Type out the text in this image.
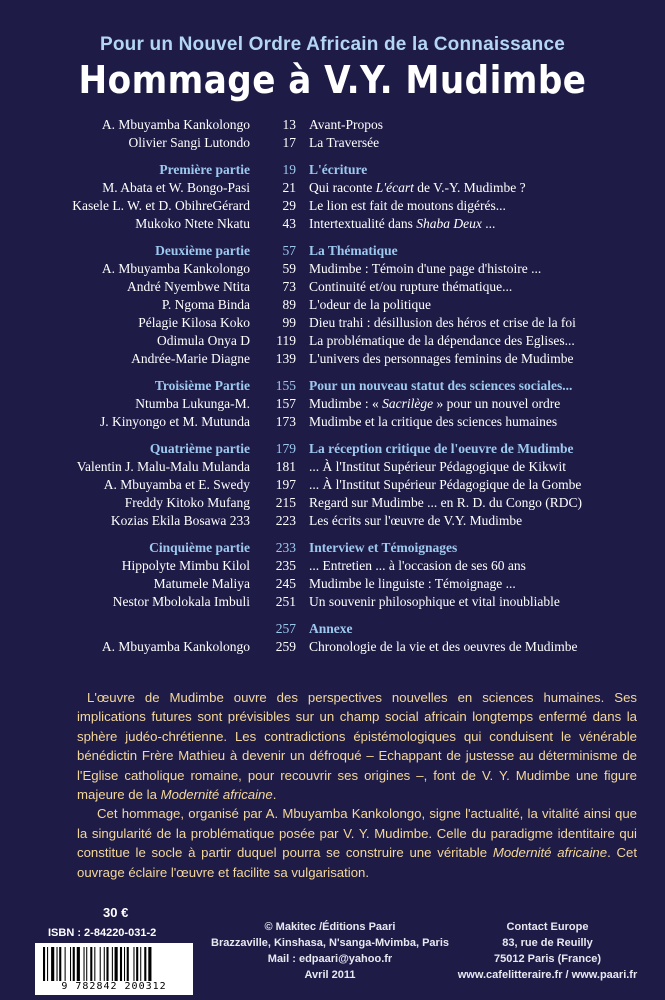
Pour un Nouvel Ordre Africain de la Connaissance
Hommage à V.Y. Mudimbe
A. Mbuyamba Kankolongo	13 Avant-Propos
Olivier Sangi Lutondo	17 La Traversée
Première partie	19 L'écriture
M. Abata et W. Bongo-Pasi	21 Qui raconte L'écart de V.-Y. Mudimbe ?
Kasele L. W. et D. ObihreGérard	29 Le lion est fait de moutons digérés...
Mukoko Ntete Nkatu	43 Intertextualité dans Shaba Deux ...
Deuxième partie	57 La Thématique
A. Mbuyamba Kankolongo	59 Mudimbe : Témoin d'une page d'histoire ...
André Nyembwe Ntita	73 Continuité et/ou rupture thématique...
P. Ngoma Binda	89 L'odeur de la politique
Pélagie Kilosa Koko	99 Dieu trahi : désillusion des héros et crise de la foi
Odimula Onya D	119 La problématique de la dépendance des Eglises...
Andrée-Marie Diagne	139 L'univers des personnages feminins de Mudimbe
Troisième Partie	155 Pour un nouveau statut des sciences sociales...
Ntumba Lukunga-M.	157 Mudimbe : « Sacrilège » pour un nouvel ordre
J. Kinyongo et M. Mutunda	173 Mudimbe et la critique des sciences humaines
Quatrième partie	179 La réception critique de l'oeuvre de Mudimbe
Valentin J. Malu-Malu Mulanda	181 ... À l'Institut Supérieur Pédagogique de Kikwit
A. Mbuyamba et E. Swedy	197 ... À l'Institut Supérieur Pédagogique de la Gombe
Freddy Kitoko Mufang	215 Regard sur Mudimbe ... en R. D. du Congo (RDC)
Kozias Ekila Bosawa 233	223 Les écrits sur l'œuvre de V.Y. Mudimbe
Cinquième partie	233 Interview et Témoignages
Hippolyte Mimbu Kilol	235 ... Entretien ... à l'occasion de ses 60 ans
Matumele Maliya	245 Mudimbe le linguiste : Témoignage ...
Nestor Mbolokala Imbuli	251 Un souvenir philosophique et vital inoubliable
257 Annexe
A. Mbuyamba Kankolongo	259 Chronologie de la vie et des oeuvres de Mudimbe

L'œuvre de Mudimbe ouvre des perspectives nouvelles en sciences humaines. Ses implications futures sont prévisibles sur un champ social africain longtemps enfermé dans la sphère judéo-chrétienne. Les contradictions épistémologiques qui conduisent le vénérable bénédictin Frère Mathieu à devenir un défroqué – Echappant de justesse au déterminisme de l'Eglise catholique romaine, pour recouvrir ses origines –, font de V. Y. Mudimbe une figure majeure de la Modernité africaine.

Cet hommage, organisé par A. Mbuyamba Kankolongo, signe l'actualité, la vitalité ainsi que la singularité de la problématique posée par V. Y. Mudimbe. Celle du paradigme identitaire qui constitue le socle à partir duquel pourra se construire une véritable Modernité africaine. Cet ouvrage éclaire l'œuvre et facilite sa vulgarisation.

30 €
ISBN : 2-84220-031-2
9 782842 200312
© Makitec /Éditions Paari
Brazzaville, Kinshasa, N'sanga-Mvimba, Paris
Mail : edpaari@yahoo.fr
Avril 2011
Contact Europe
83, rue de Reuilly
75012 Paris (France)
www.cafelitteraire.fr / www.paari.fr
